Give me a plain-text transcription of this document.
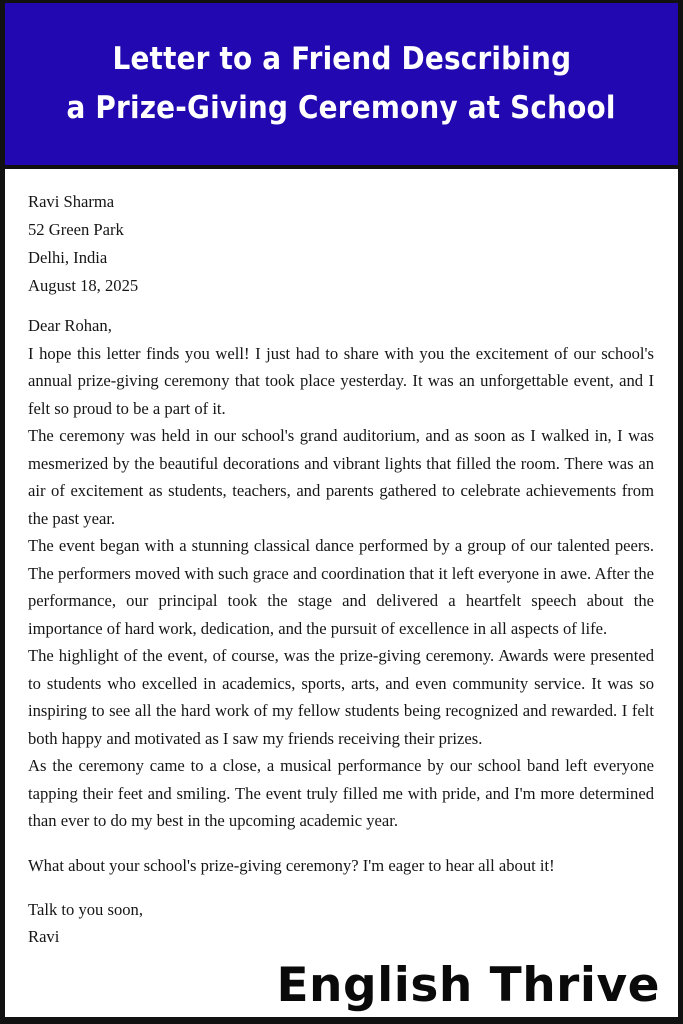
Letter to a Friend Describing
a Prize-Giving Ceremony at School

Ravi Sharma

52 Green Park

Delhi, India

August 18, 2025

Dear Rohan,

I hope this letter finds you well! I just had to share with you the excitement of our school's annual prize-giving ceremony that took place yesterday. It was an unforgettable event, and I felt so proud to be a part of it.

The ceremony was held in our school's grand auditorium, and as soon as I walked in, I was mesmerized by the beautiful decorations and vibrant lights that filled the room. There was an air of excitement as students, teachers, and parents gathered to celebrate achievements from the past year.

The event began with a stunning classical dance performed by a group of our talented peers. The performers moved with such grace and coordination that it left everyone in awe. After the performance, our principal took the stage and delivered a heartfelt speech about the importance of hard work, dedication, and the pursuit of excellence in all aspects of life.

The highlight of the event, of course, was the prize-giving ceremony. Awards were presented to students who excelled in academics, sports, arts, and even community service. It was so inspiring to see all the hard work of my fellow students being recognized and rewarded. I felt both happy and motivated as I saw my friends receiving their prizes.

As the ceremony came to a close, a musical performance by our school band left everyone tapping their feet and smiling. The event truly filled me with pride, and I'm more determined than ever to do my best in the upcoming academic year.

What about your school's prize-giving ceremony? I'm eager to hear all about it!

Talk to you soon,

Ravi

English Thrive
